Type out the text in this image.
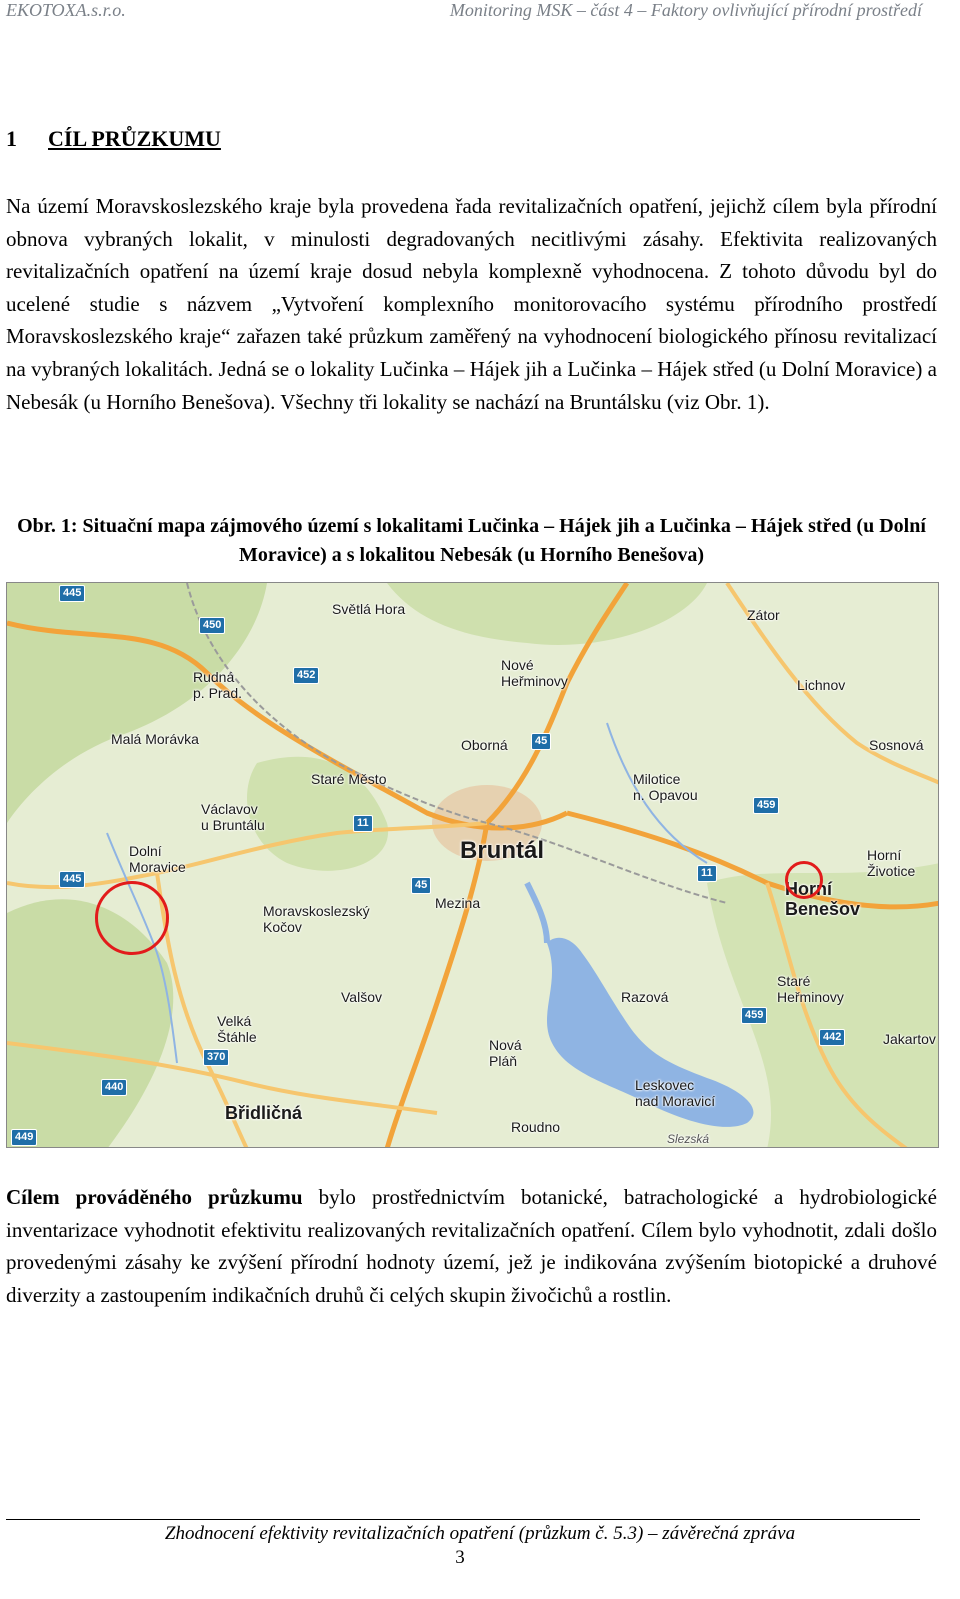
EKOTOXA.s.r.o.	Monitoring MSK – část 4 – Faktory ovlivňující přírodní prostředí
1 CÍL PRŮZKUMU

Na území Moravskoslezského kraje byla provedena řada revitalizačních opatření, jejichž cílem byla přírodní obnova vybraných lokalit, v minulosti degradovaných necitlivými zásahy. Efektivita realizovaných revitalizačních opatření na území kraje dosud nebyla komplexně vyhodnocena. Z tohoto důvodu byl do ucelené studie s názvem „Vytvoření komplexního monitorovacího systému přírodního prostředí Moravskoslezského kraje“ zařazen také průzkum zaměřený na vyhodnocení biologického přínosu revitalizací na vybraných lokalitách. Jedná se o lokality Lučinka – Hájek jih a Lučinka – Hájek střed (u Dolní Moravice) a Nebesák (u Horního Benešova). Všechny tři lokality se nachází na Bruntálsku (viz Obr. 1).

Obr. 1: Situační mapa zájmového území s lokalitami Lučinka – Hájek jih a Lučinka – Hájek střed (u Dolní Moravice) a s lokalitou Nebesák (u Horního Benešova)
Světlá Hora	Zátor
Rudná
p. Prad.
Nové
Heřminovy	Lichnov
Malá Morávka	Oborná	Sosnová
Staré Město	Milotice
n. Opavou
Václavov
u Bruntálu
Bruntál
Dolní
Moravice
Horní
Životice
Horní
Benešov
Mezina
Moravskoslezský
Kočov
Staré
Heřminovy
Valšov	Razová
Velká
Štáhle	Nová
Pláň
Jakartov
Leskovec
nad Moravicí
Břidličná
Roudno
Slezská
445
450
452
45
11
459
445	45
11
459
442
370
440
449

Cílem prováděného průzkumu bylo prostřednictvím botanické, batrachologické a hydrobiologické inventarizace vyhodnotit efektivitu realizovaných revitalizačních opatření. Cílem bylo vyhodnotit, zdali došlo provedenými zásahy ke zvýšení přírodní hodnoty území, jež je indikována zvýšením biotopické a druhové diverzity a zastoupením indikačních druhů či celých skupin živočichů a rostlin.

Zhodnocení efektivity revitalizačních opatření (průzkum č. 5.3) – závěrečná zpráva
3
